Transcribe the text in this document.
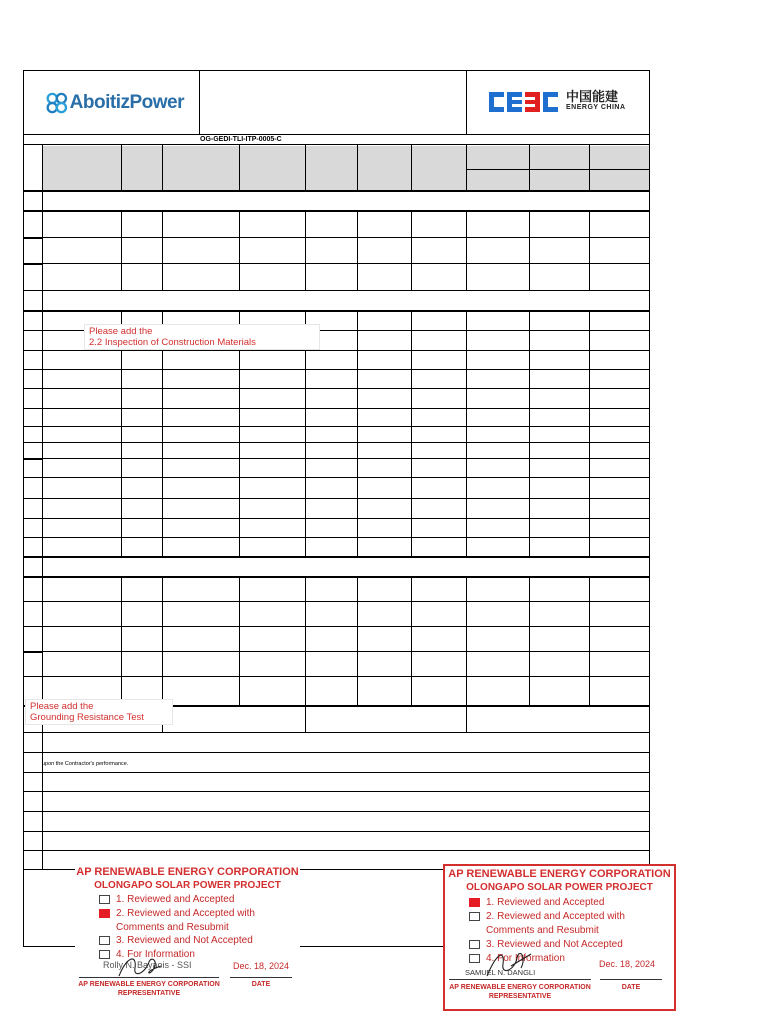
AboitizPower	中国能建
ENERGY CHINA
OG-GEDI-TLI-ITP-0005-C
Please add the
2.2 Inspection of Construction Materials
Please add the
Grounding Resistance Test
upon the Contractor's performance.
AP RENEWABLE ENERGY CORPORATION
OLONGAPO SOLAR POWER PROJECT
1. Reviewed and Accepted
2. Reviewed and Accepted with
Comments and Resubmit
3. Reviewed and Not Accepted
4. For Information
Rolly N. Bayaois - SSI	Dec. 18, 2024
AP RENEWABLE ENERGY CORPORATION
REPRESENTATIVE
DATE
AP RENEWABLE ENERGY CORPORATION
OLONGAPO SOLAR POWER PROJECT
1. Reviewed and Accepted
2. Reviewed and Accepted with
Comments and Resubmit
3. Reviewed and Not Accepted
4. For Information
SAMUEL N. DANGLI
Dec. 18, 2024
AP RENEWABLE ENERGY CORPORATION
REPRESENTATIVE
DATE
